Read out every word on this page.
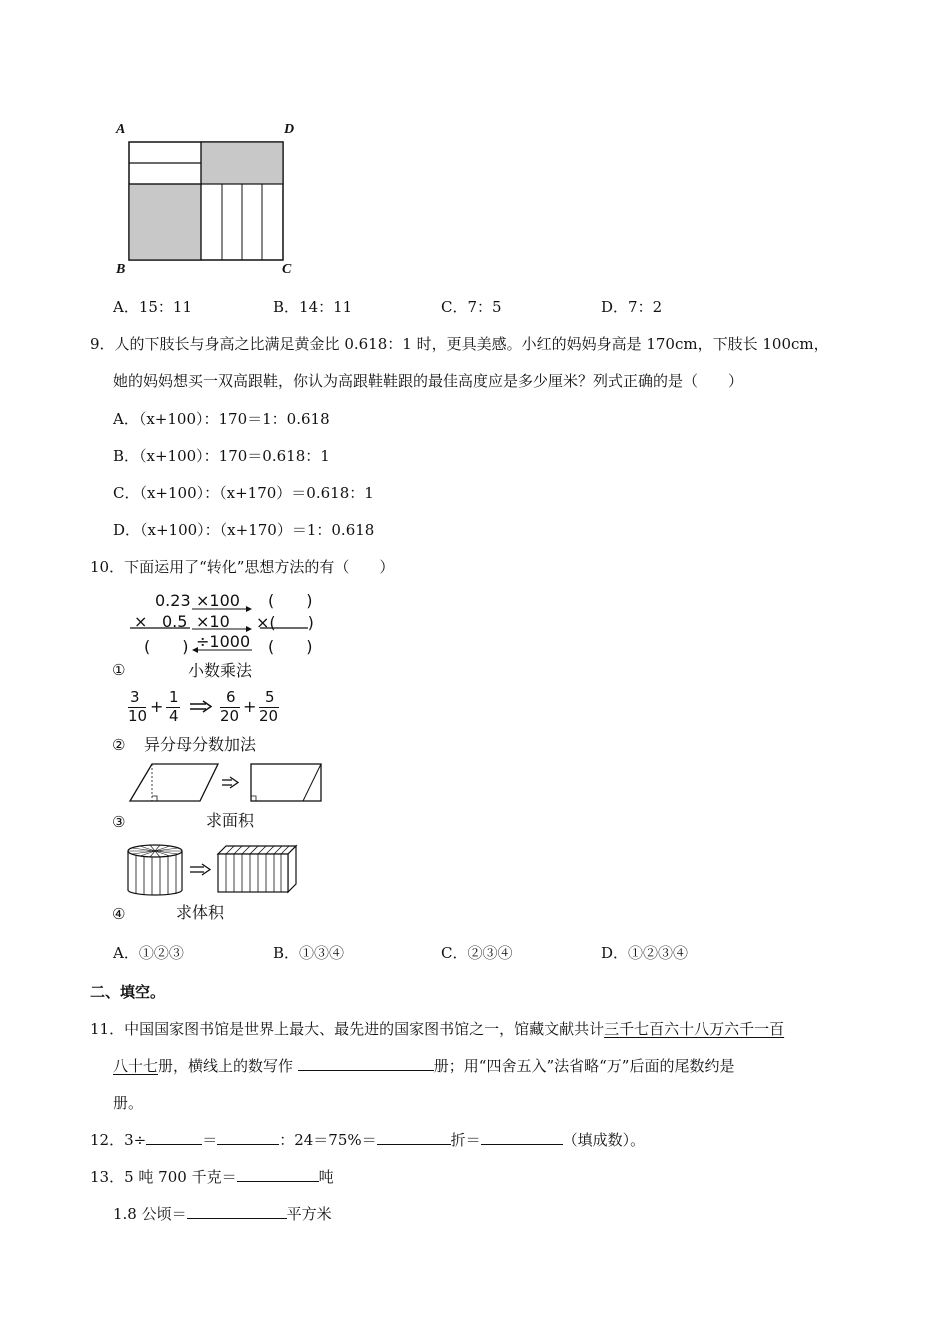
A	D
B	C
A．15：11	B．14：11	C．7：5	D．7：2
9．人的下肢长与身高之比满足黄金比 0.618：1 时，更具美感。小红的妈妈身高是 170cm，下肢长 100cm，
她的妈妈想买一双高跟鞋，你认为高跟鞋鞋跟的最佳高度应是多少厘米？列式正确的是（　　）
A．（x+100）：170＝1：0.618
B．（x+100）：170＝0.618：1
C．（x+100）：（x+170）＝0.618：1
D．（x+100）：（x+170）＝1：0.618
10．下面运用了“转化”思想方法的有（　　）
0.23
× 0.5
(　　)
×100
×10
÷1000
(　　)
×(　　)
(　　)
①	小数乘法
3
10 + 1
4
6
20 + 5
20
② 异分母分数加法
③	求面积
④	求体积
A．①②③	B．①③④	C．②③④	D．①②③④
二、填空。
11．中国国家图书馆是世界上最大、最先进的国家图书馆之一，馆藏文献共计三千七百六十八万六千一百
八十七册，横线上的数写作	册；用“四舍五入”法省略“万”后面的尾数约是
册。
12．3÷	＝	：24＝75%＝	折＝	（填成数）。
13．5 吨 700 千克＝	吨
1.8 公顷＝	平方米
